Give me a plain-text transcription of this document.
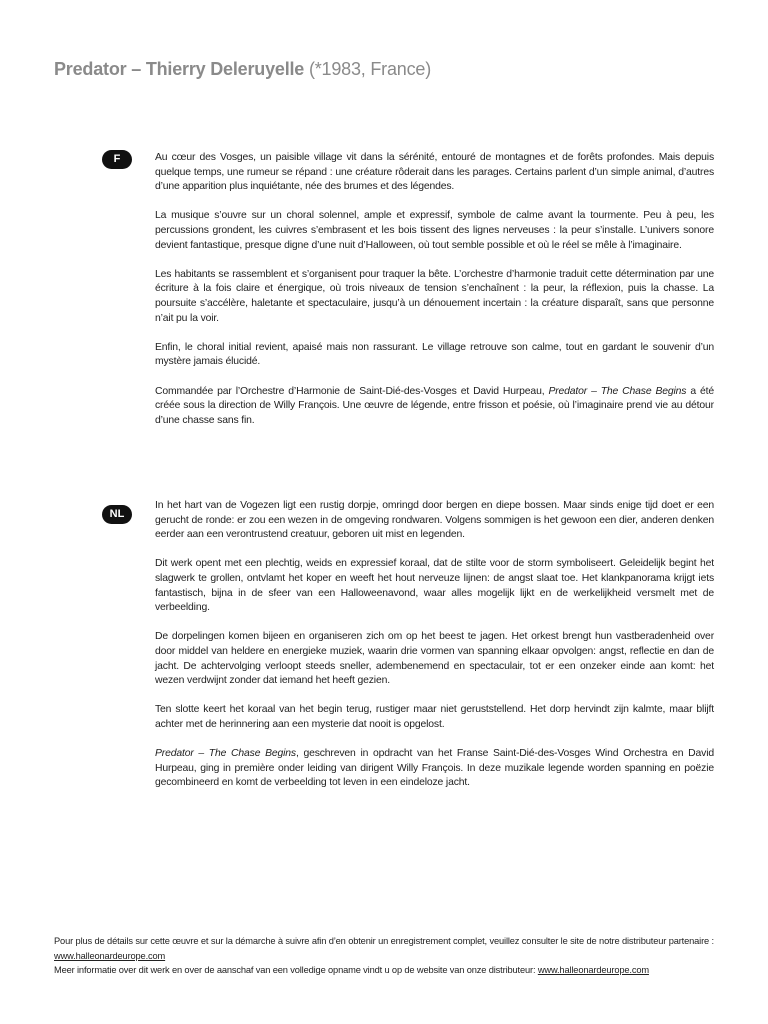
Predator – Thierry Deleruyelle (*1983, France)
F	Au cœur des Vosges, un paisible village vit dans la sérénité, entouré de montagnes et de forêts profondes. Mais depuis quelque temps, une rumeur se répand : une créature rôderait dans les parages. Certains parlent d’un simple animal, d’autres d’une apparition plus inquiétante, née des brumes et des légendes.

La musique s’ouvre sur un choral solennel, ample et expressif, symbole de calme avant la tourmente. Peu à peu, les percussions grondent, les cuivres s’embrasent et les bois tissent des lignes nerveuses : la peur s’installe. L’univers sonore devient fantastique, presque digne d’une nuit d’Halloween, où tout semble possible et où le réel se mêle à l’imaginaire.

Les habitants se rassemblent et s’organisent pour traquer la bête. L’orchestre d’harmonie traduit cette détermination par une écriture à la fois claire et énergique, où trois niveaux de tension s’enchaînent : la peur, la réflexion, puis la chasse. La poursuite s’accélère, haletante et spectaculaire, jusqu’à un dénouement incertain : la créature disparaît, sans que personne n’ait pu la voir.

Enfin, le choral initial revient, apaisé mais non rassurant. Le village retrouve son calme, tout en gardant le souvenir d’un mystère jamais élucidé.

Commandée par l’Orchestre d’Harmonie de Saint-Dié-des-Vosges et David Hurpeau, Predator – The Chase Begins a été créée sous la direction de Willy François. Une œuvre de légende, entre frisson et poésie, où l’imaginaire prend vie au détour d’une chasse sans fin.

NL

In het hart van de Vogezen ligt een rustig dorpje, omringd door bergen en diepe bossen. Maar sinds enige tijd doet er een gerucht de ronde: er zou een wezen in de omgeving rondwaren. Volgens sommigen is het gewoon een dier, anderen denken eerder aan een verontrustend creatuur, geboren uit mist en legenden.

Dit werk opent met een plechtig, weids en expressief koraal, dat de stilte voor de storm symboliseert. Geleidelijk begint het slagwerk te grollen, ontvlamt het koper en weeft het hout nerveuze lijnen: de angst slaat toe. Het klankpanorama krijgt iets fantastisch, bijna in de sfeer van een Halloweenavond, waar alles mogelijk lijkt en de werkelijkheid versmelt met de verbeelding.

De dorpelingen komen bijeen en organiseren zich om op het beest te jagen. Het orkest brengt hun vastberadenheid over door middel van heldere en energieke muziek, waarin drie vormen van spanning elkaar opvolgen: angst, reflectie en dan de jacht. De achtervolging verloopt steeds sneller, adembenemend en spectaculair, tot er een onzeker einde aan komt: het wezen verdwijnt zonder dat iemand het heeft gezien.

Ten slotte keert het koraal van het begin terug, rustiger maar niet geruststellend. Het dorp hervindt zijn kalmte, maar blijft achter met de herinnering aan een mysterie dat nooit is opgelost.

Predator – The Chase Begins, geschreven in opdracht van het Franse Saint-Dié-des-Vosges Wind Orchestra en David Hurpeau, ging in première onder leiding van dirigent Willy François. In deze muzikale legende worden spanning en poëzie gecombineerd en komt de verbeelding tot leven in een eindeloze jacht.

Pour plus de détails sur cette œuvre et sur la démarche à suivre afin d’en obtenir un enregistrement complet, veuillez consulter le site de notre distributeur partenaire : www.halleonardeurope.com

Meer informatie over dit werk en over de aanschaf van een volledige opname vindt u op de website van onze distributeur: www.halleonardeurope.com
